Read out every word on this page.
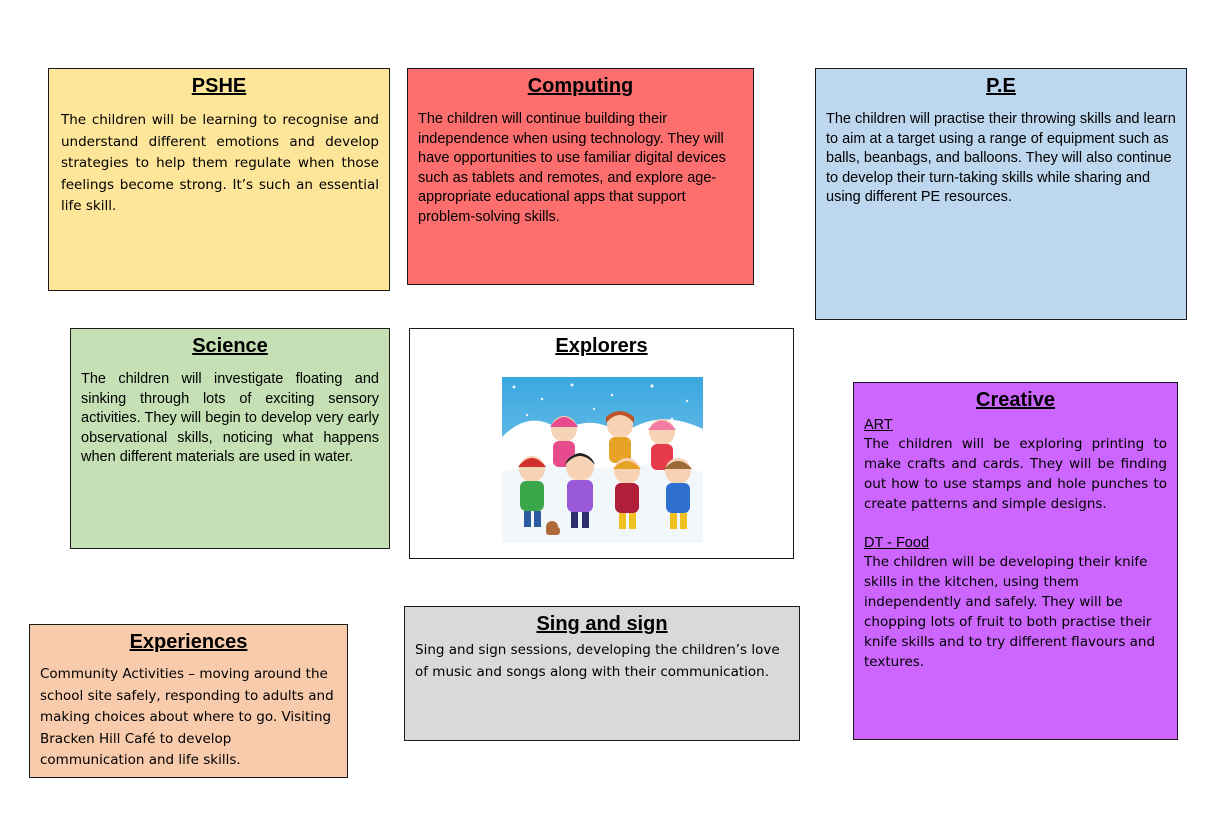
PSHE

The children will be learning to recognise and understand different emotions and develop strategies to help them regulate when those feelings become strong. It’s such an essential life skill.

Computing

The children will continue building their independence when using technology. They will have opportunities to use familiar digital devices such as tablets and remotes, and explore age-appropriate educational apps that support problem-solving skills.

P.E

The children will practise their throwing skills and learn to aim at a target using a range of equipment such as balls, beanbags, and balloons. They will also continue to develop their turn-taking skills while sharing and using different PE resources.

Science

The children will investigate floating and sinking through lots of exciting sensory activities. They will begin to develop very early observational skills, noticing what happens when different materials are used in water.

Explorers
Creative
ART

The children will be exploring printing to make crafts and cards. They will be finding out how to use stamps and hole punches to create patterns and simple designs.

DT - Food

The children will be developing their knife skills in the kitchen, using them independently and safely. They will be chopping lots of fruit to both practise their knife skills and to try different flavours and textures.

Sing and sign

Sing and sign sessions, developing the children’s love of music and songs along with their communication.

Experiences

Community Activities – moving around the school site safely, responding to adults and making choices about where to go. Visiting Bracken Hill Café to develop communication and life skills.
